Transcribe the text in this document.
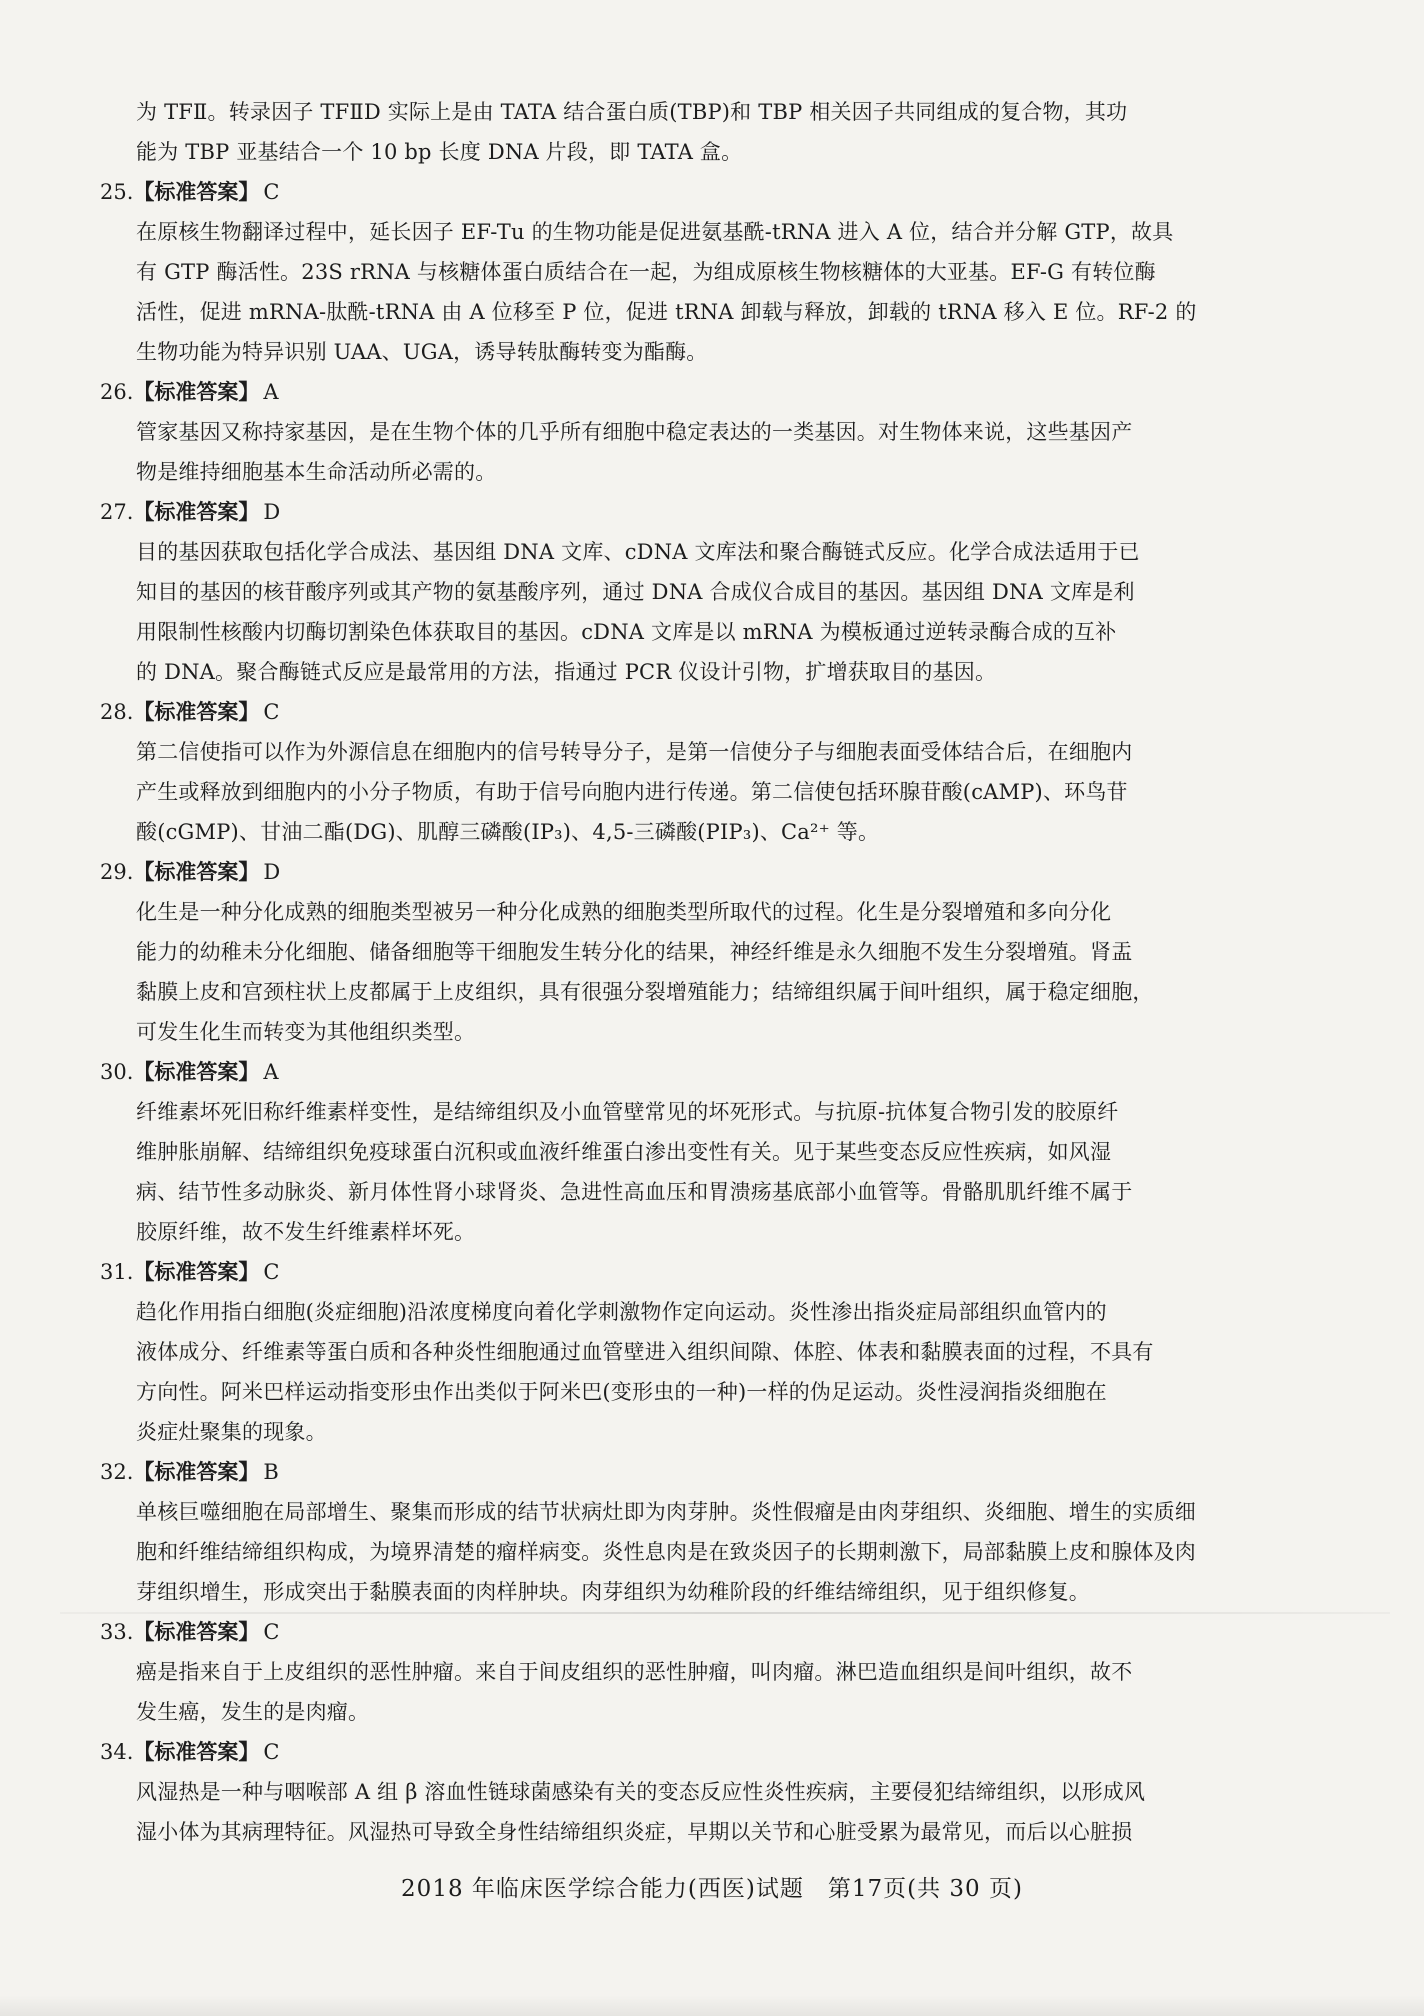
为 TFⅡ。转录因子 TFⅡD 实际上是由 TATA 结合蛋白质(TBP)和 TBP 相关因子共同组成的复合物，其功

能为 TBP 亚基结合一个 10 bp 长度 DNA 片段，即 TATA 盒。

25.【标准答案】 C

在原核生物翻译过程中，延长因子 EF-Tu 的生物功能是促进氨基酰-tRNA 进入 A 位，结合并分解 GTP，故具

有 GTP 酶活性。23S rRNA 与核糖体蛋白质结合在一起，为组成原核生物核糖体的大亚基。EF-G 有转位酶

活性，促进 mRNA-肽酰-tRNA 由 A 位移至 P 位，促进 tRNA 卸载与释放，卸载的 tRNA 移入 E 位。RF-2 的

生物功能为特异识别 UAA、UGA，诱导转肽酶转变为酯酶。

26.【标准答案】 A

管家基因又称持家基因，是在生物个体的几乎所有细胞中稳定表达的一类基因。对生物体来说，这些基因产

物是维持细胞基本生命活动所必需的。

27.【标准答案】 D

目的基因获取包括化学合成法、基因组 DNA 文库、cDNA 文库法和聚合酶链式反应。化学合成法适用于已

知目的基因的核苷酸序列或其产物的氨基酸序列，通过 DNA 合成仪合成目的基因。基因组 DNA 文库是利

用限制性核酸内切酶切割染色体获取目的基因。cDNA 文库是以 mRNA 为模板通过逆转录酶合成的互补

的 DNA。聚合酶链式反应是最常用的方法，指通过 PCR 仪设计引物，扩增获取目的基因。

28.【标准答案】 C

第二信使指可以作为外源信息在细胞内的信号转导分子，是第一信使分子与细胞表面受体结合后，在细胞内

产生或释放到细胞内的小分子物质，有助于信号向胞内进行传递。第二信使包括环腺苷酸(cAMP)、环鸟苷

酸(cGMP)、甘油二酯(DG)、肌醇三磷酸(IP₃)、4,5-三磷酸(PIP₃)、Ca²⁺ 等。

29.【标准答案】 D

化生是一种分化成熟的细胞类型被另一种分化成熟的细胞类型所取代的过程。化生是分裂增殖和多向分化

能力的幼稚未分化细胞、储备细胞等干细胞发生转分化的结果，神经纤维是永久细胞不发生分裂增殖。肾盂

黏膜上皮和宫颈柱状上皮都属于上皮组织，具有很强分裂增殖能力；结缔组织属于间叶组织，属于稳定细胞，

可发生化生而转变为其他组织类型。

30.【标准答案】 A

纤维素坏死旧称纤维素样变性，是结缔组织及小血管壁常见的坏死形式。与抗原-抗体复合物引发的胶原纤

维肿胀崩解、结缔组织免疫球蛋白沉积或血液纤维蛋白渗出变性有关。见于某些变态反应性疾病，如风湿

病、结节性多动脉炎、新月体性肾小球肾炎、急进性高血压和胃溃疡基底部小血管等。骨骼肌肌纤维不属于

胶原纤维，故不发生纤维素样坏死。

31.【标准答案】 C

趋化作用指白细胞(炎症细胞)沿浓度梯度向着化学刺激物作定向运动。炎性渗出指炎症局部组织血管内的

液体成分、纤维素等蛋白质和各种炎性细胞通过血管壁进入组织间隙、体腔、体表和黏膜表面的过程，不具有

方向性。阿米巴样运动指变形虫作出类似于阿米巴(变形虫的一种)一样的伪足运动。炎性浸润指炎细胞在

炎症灶聚集的现象。

32.【标准答案】 B

单核巨噬细胞在局部增生、聚集而形成的结节状病灶即为肉芽肿。炎性假瘤是由肉芽组织、炎细胞、增生的实质细

胞和纤维结缔组织构成，为境界清楚的瘤样病变。炎性息肉是在致炎因子的长期刺激下，局部黏膜上皮和腺体及肉

芽组织增生，形成突出于黏膜表面的肉样肿块。肉芽组织为幼稚阶段的纤维结缔组织，见于组织修复。

33.【标准答案】 C

癌是指来自于上皮组织的恶性肿瘤。来自于间皮组织的恶性肿瘤，叫肉瘤。淋巴造血组织是间叶组织，故不

发生癌，发生的是肉瘤。

34.【标准答案】 C

风湿热是一种与咽喉部 A 组 β 溶血性链球菌感染有关的变态反应性炎性疾病，主要侵犯结缔组织，以形成风

湿小体为其病理特征。风湿热可导致全身性结缔组织炎症，早期以关节和心脏受累为最常见，而后以心脏损

2018 年临床医学综合能力(西医)试题　第17页(共 30 页)
